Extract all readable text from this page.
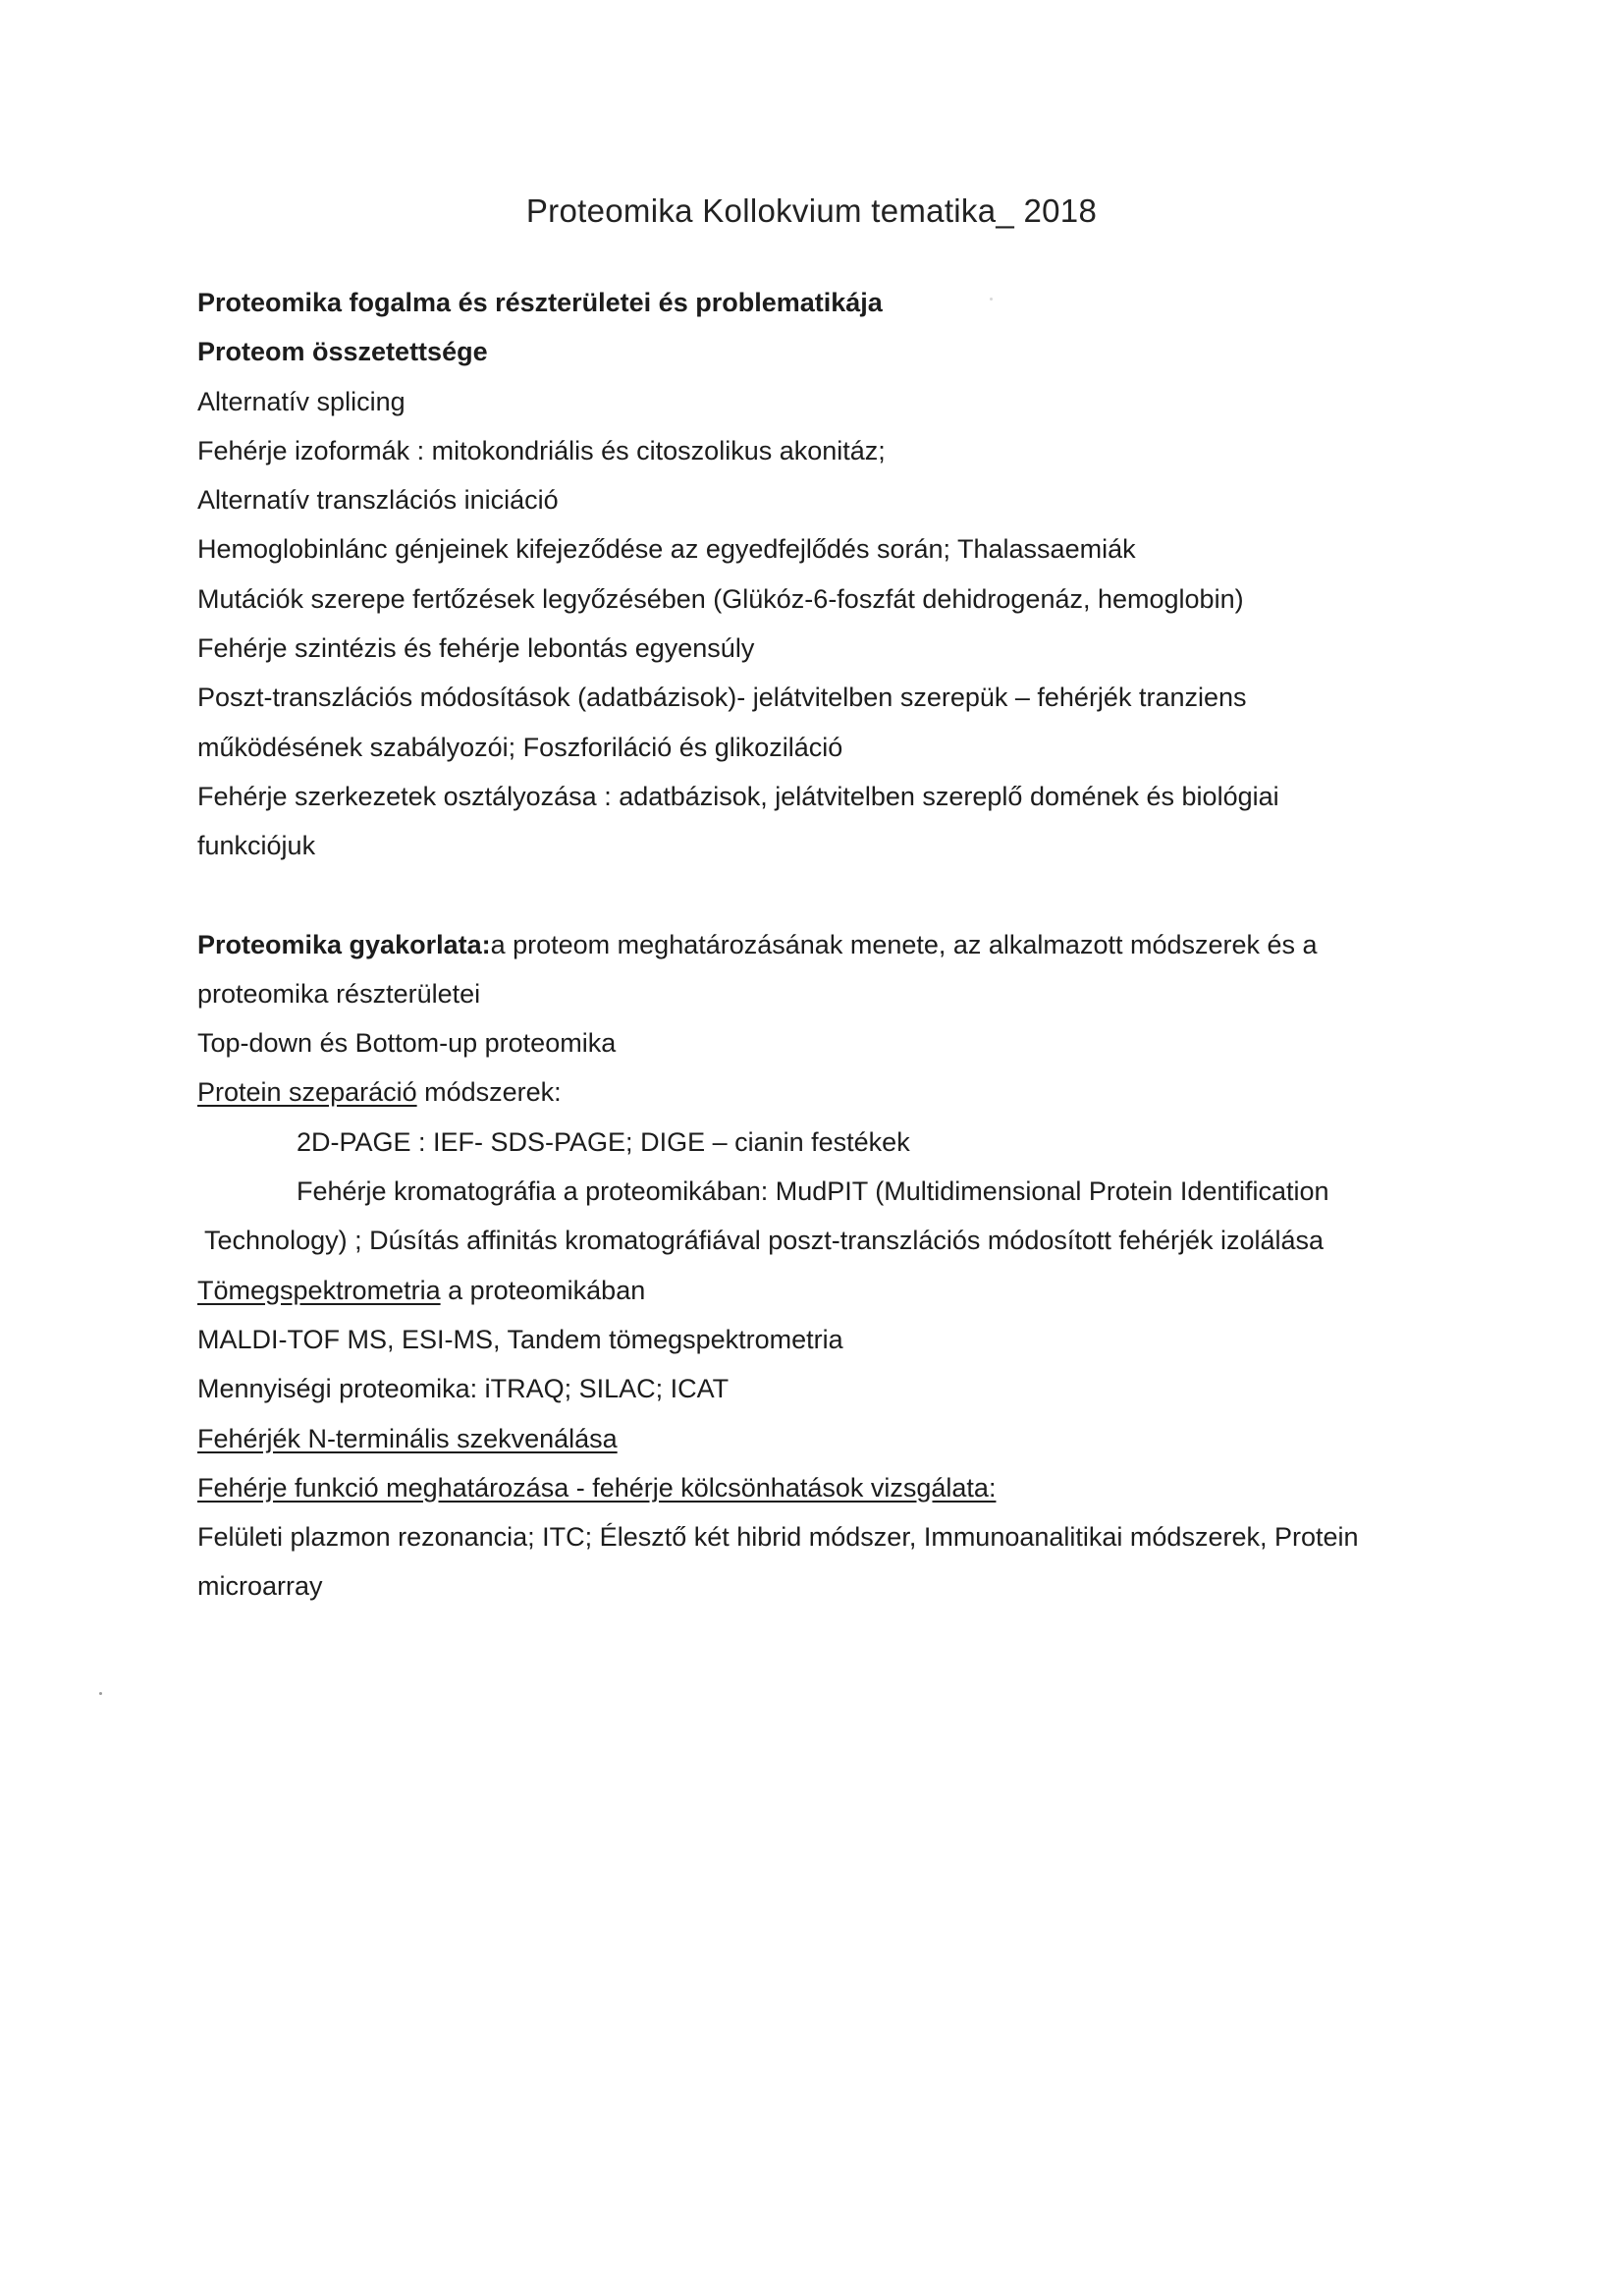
Proteomika Kollokvium tematika_ 2018
Proteomika fogalma és részterületei és problematikája
Proteom összetettsége
Alternatív splicing
Fehérje izoformák : mitokondriális és citoszolikus akonitáz;
Alternatív transzlációs iniciáció
Hemoglobinlánc génjeinek kifejeződése az egyedfejlődés során; Thalassaemiák
Mutációk szerepe fertőzések legyőzésében (Glükóz-6-foszfát dehidrogenáz, hemoglobin)
Fehérje szintézis és fehérje lebontás egyensúly
Poszt-transzlációs módosítások (adatbázisok)- jelátvitelben szerepük – fehérjék tranziens
működésének szabályozói; Foszforiláció és glikoziláció
Fehérje szerkezetek osztályozása : adatbázisok, jelátvitelben szereplő domének és biológiai
funkciójuk
Proteomika gyakorlata:a proteom meghatározásának menete, az alkalmazott módszerek és a
proteomika részterületei
Top-down és Bottom-up proteomika
Protein szeparáció módszerek:
2D-PAGE : IEF- SDS-PAGE; DIGE – cianin festékek
Fehérje kromatográfia a proteomikában: MudPIT (Multidimensional Protein Identification
Technology) ; Dúsítás affinitás kromatográfiával poszt-transzlációs módosított fehérjék izolálása
Tömegspektrometria a proteomikában
MALDI-TOF MS, ESI-MS, Tandem tömegspektrometria
Mennyiségi proteomika: iTRAQ; SILAC; ICAT
Fehérjék N-terminális szekvenálása
Fehérje funkció meghatározása - fehérje kölcsönhatások vizsgálata:
Felületi plazmon rezonancia; ITC; Élesztő két hibrid módszer, Immunoanalitikai módszerek, Protein
microarray
